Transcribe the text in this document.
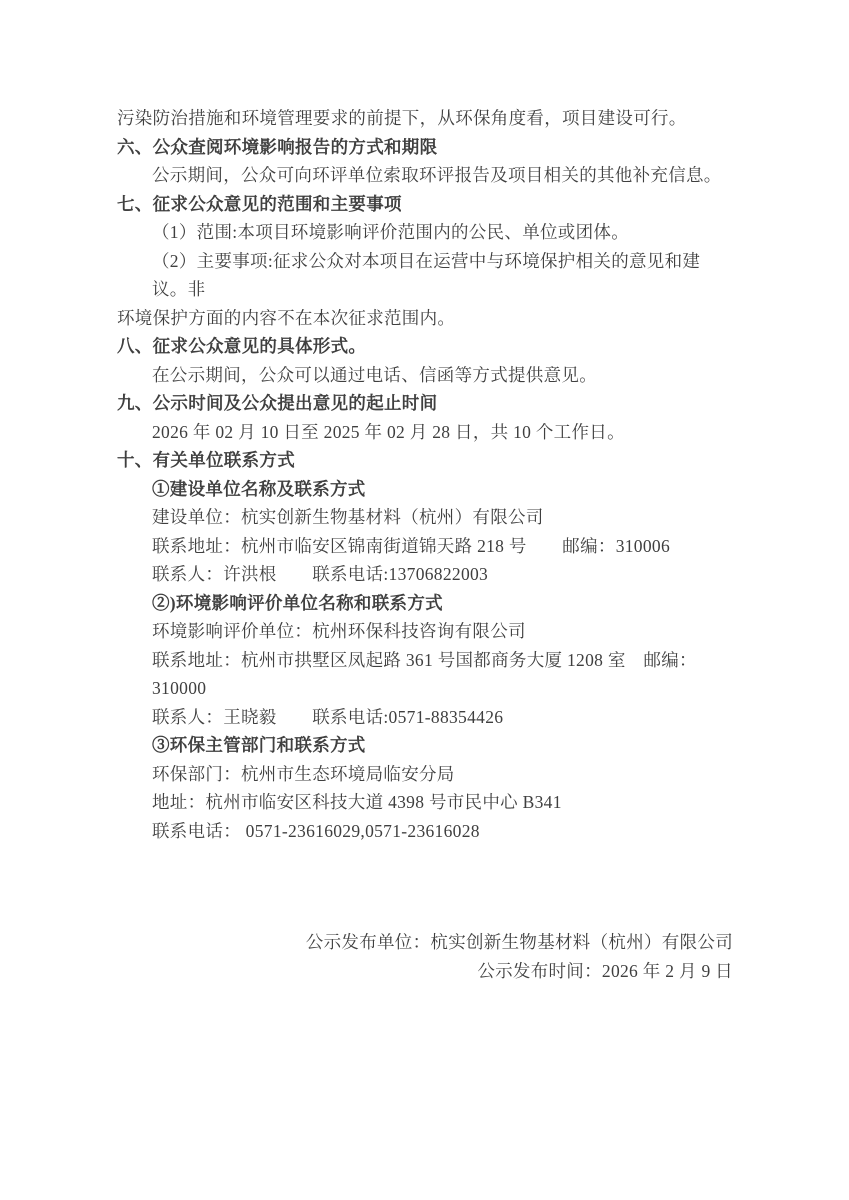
污染防治措施和环境管理要求的前提下，从环保角度看，项目建设可行。
六、公众查阅环境影响报告的方式和期限
公示期间，公众可向环评单位索取环评报告及项目相关的其他补充信息。
七、征求公众意见的范围和主要事项
（1）范围:本项目环境影响评价范围内的公民、单位或团体。
（2）主要事项:征求公众对本项目在运营中与环境保护相关的意见和建议。非
环境保护方面的内容不在本次征求范围内。
八、征求公众意见的具体形式。
在公示期间，公众可以通过电话、信函等方式提供意见。
九、公示时间及公众提出意见的起止时间
2026 年 02 月 10 日至 2025 年 02 月 28 日，共 10 个工作日。
十、有关单位联系方式
①建设单位名称及联系方式
建设单位：杭实创新生物基材料（杭州）有限公司
联系地址：杭州市临安区锦南街道锦天路 218 号　　邮编：310006
联系人：许洪根　　联系电话:13706822003
②)环境影响评价单位名称和联系方式
环境影响评价单位：杭州环保科技咨询有限公司
联系地址：杭州市拱墅区凤起路 361 号国都商务大厦 1208 室　邮编：310000
联系人：王晓毅　　联系电话:0571-88354426
③环保主管部门和联系方式
环保部门：杭州市生态环境局临安分局
地址：杭州市临安区科技大道 4398 号市民中心 B341
联系电话： 0571-23616029,0571-23616028
公示发布单位：杭实创新生物基材料（杭州）有限公司
公示发布时间：2026 年 2 月 9 日
